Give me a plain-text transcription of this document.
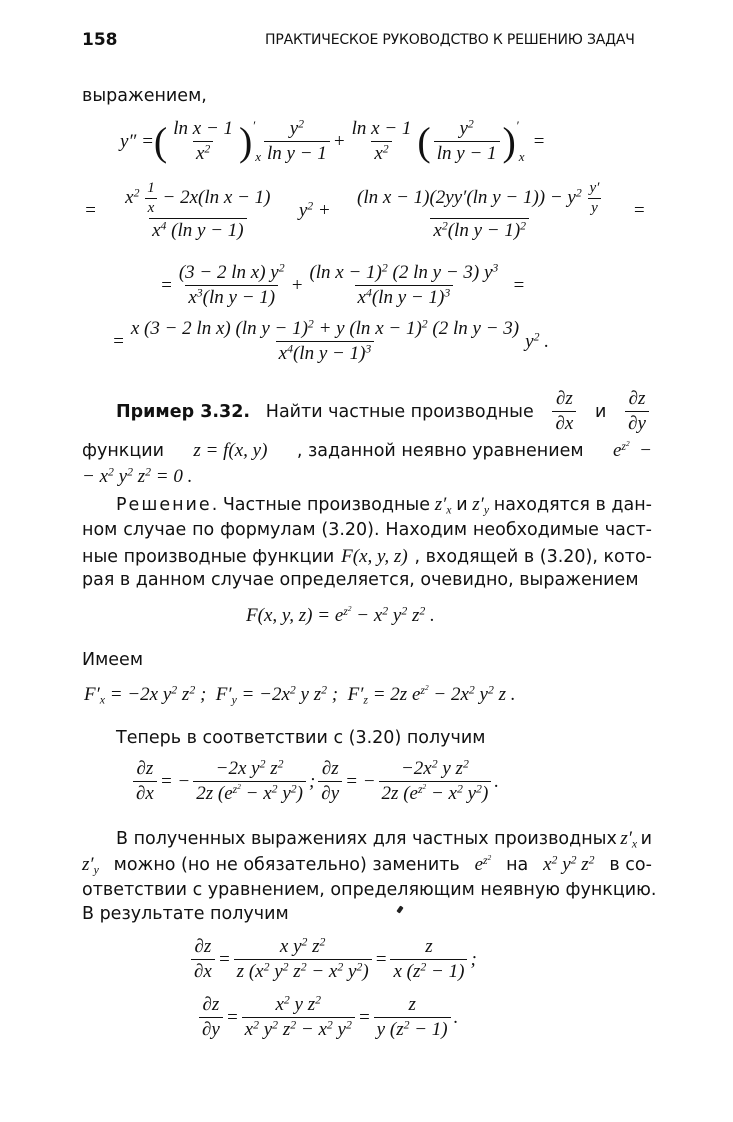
158	ПРАКТИЧЕСКОЕ РУКОВОДСТВО К РЕШЕНИЮ ЗАДАЧ
выражением,
y″ = ( $\frac{\text{ln x − 1}}{x^2}$ ) ′
x $\frac{y^2}{\text{ln y − 1}} + \frac{\text{ln x − 1}}{x^2}$ ( $\frac{y^2}{\text{ln y − 1}}$ ) ′
x
=
= $\frac{x^2 \frac{1}{x} - 2x(\ln x - 1)}{x^4 (\ln y - 1)} y^2 + \frac{(\ln x - 1)(2yy'(\ln y - 1)) - y^2 \frac{y'}{y}}{x^2(\ln y - 1)^2}$ =
= $\frac{(3 - 2 \ln x) y^2}{x^3(\ln y - 1)} + \frac{(\ln x - 1)^2 (2 \ln y - 3) y^3}{x^4(\ln y - 1)^3}$ =
= $\frac{x (3 - 2 \ln x) (\ln y - 1)^2 + y (\ln x - 1)^2 (2 \ln y - 3)}{x^4(\ln y - 1)^3} y^2$ .
Пример 3.32. Найти частные производные $\frac{\partial z}{\partial x}$ и $\frac{\partial z}{\partial y}$
функции z = f(x, y) , заданной неявно уравнением $e^{z^2}$  −
− $x^2$ $y^2$ $z^2 = 0$ .
Решение. Частные производные $z'_x$ и $z'_y$ находятся в дан-
ном случае по формулам (3.20). Находим необходимые част-
ные производные функции F(x, y, z) , входящей в (3.20), кото-
рая в данном случае определяется, очевидно, выражением
F(x, y, $z) = e^{z^2} - x^2$ $y^2$ $z^2$ .
Имеем
$F'_x = -2x$ $y^2$ $z^2$ ;  $F'_y = -2x^2$ y $z^2$ ;  $F'_z = 2z$ $e^{z^2} - 2x^2$ $y^2$ z .
Теперь в соответствии с (3.20) получим
$\frac{\partial z}{\partial x}$ = − $\frac{-2x y^2 z^2}{2z (e^{z^2} - x^2 y^2)}$ ; $\frac{\partial z}{\partial y}$ = − $\frac{-2x^2 y z^2}{2z (e^{z^2} - x^2 y^2)}$ .
В полученных выражениях для частных производных $z'_x$ и
$z'_y$ можно (но не обязательно) заменить $e^{z^2}$ на $x^2$ $y^2$ $z^2$ в со-
ответствии с уравнением, определяющим неявную функцию.
В результате получим
$\frac{\partial z}{\partial x} = \frac{x y^2 z^2}{z (x^2 y^2 z^2 - x^2 y^2)} = \frac{z}{x (z^2 - 1)}$ ;
$\frac{\partial z}{\partial y} = \frac{x^2 y z^2}{x^2 y^2 z^2 - x^2 y^2} = \frac{z}{y (z^2 - 1)}$ .
